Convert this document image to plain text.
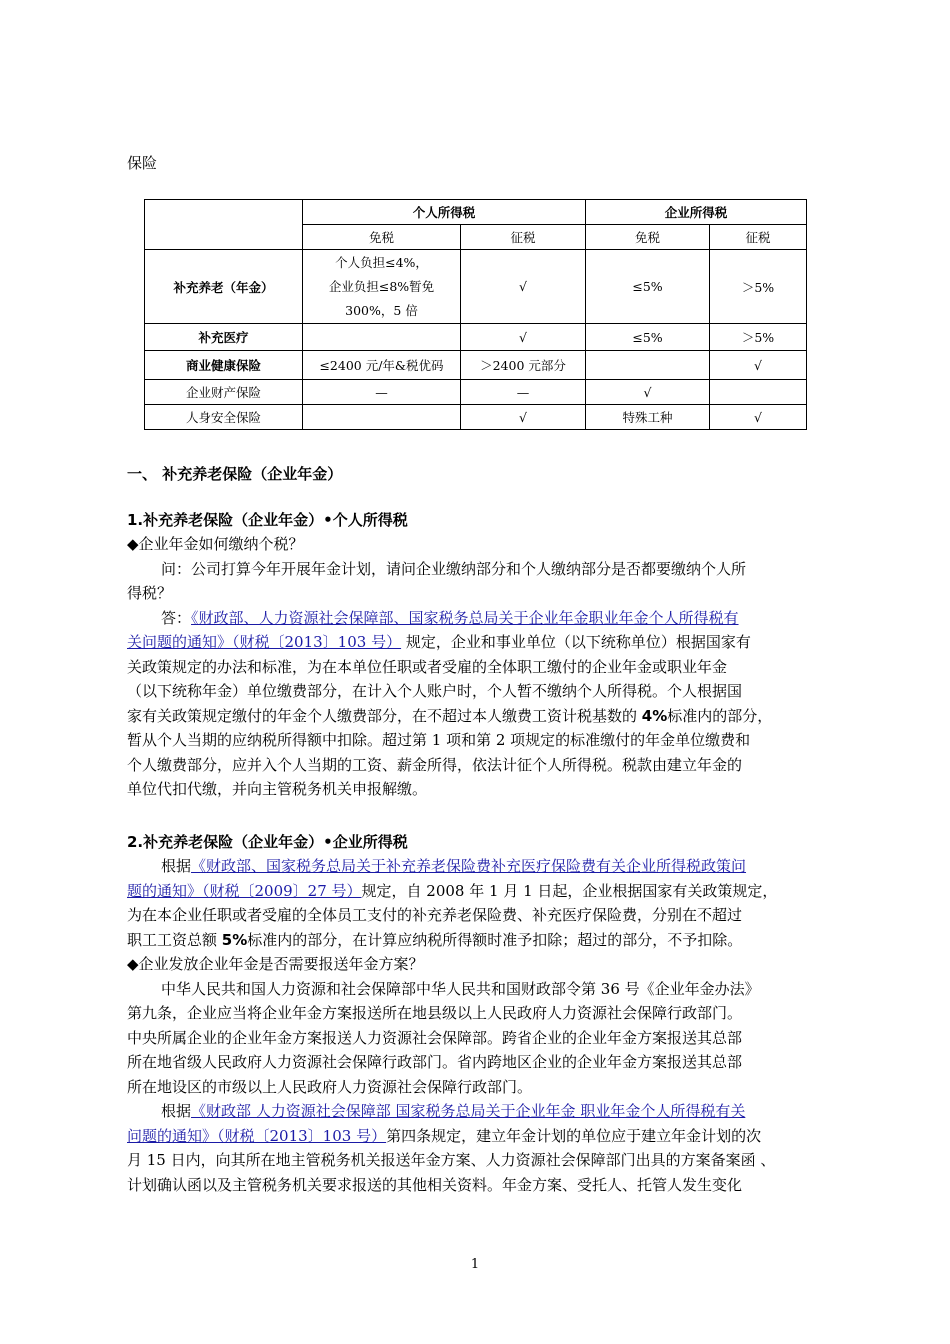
保险
	个人所得税		企业所得税	
	免税	征税	免税	征税
补充养老（年金）	个人负担≤4%，
企业负担≤8%暂免
300%，5 倍	√	≤5%	＞5%
补充医疗		√	≤5%	＞5%
商业健康保险	≤2400 元/年&税优码	＞2400 元部分		√
企业财产保险	—	—	√	
人身安全保险		√	特殊工种	√
一、 补充养老保险（企业年金）
1.补充养老保险（企业年金）•个人所得税
◆企业年金如何缴纳个税？
问：公司打算今年开展年金计划，请问企业缴纳部分和个人缴纳部分是否都要缴纳个人所
得税？
答：《财政部、人力资源社会保障部、国家税务总局关于企业年金职业年金个人所得税有
关问题的通知》（财税〔2013〕103 号） 规定，企业和事业单位（以下统称单位）根据国家有
关政策规定的办法和标准，为在本单位任职或者受雇的全体职工缴付的企业年金或职业年金
（以下统称年金）单位缴费部分，在计入个人账户时，个人暂不缴纳个人所得税。个人根据国
家有关政策规定缴付的年金个人缴费部分，在不超过本人缴费工资计税基数的 4%标准内的部分，
暂从个人当期的应纳税所得额中扣除。超过第 1 项和第 2 项规定的标准缴付的年金单位缴费和
个人缴费部分，应并入个人当期的工资、薪金所得，依法计征个人所得税。税款由建立年金的
单位代扣代缴，并向主管税务机关申报解缴。
2.补充养老保险（企业年金）•企业所得税
根据《财政部、国家税务总局关于补充养老保险费补充医疗保险费有关企业所得税政策问
题的通知》（财税〔2009〕27 号）规定，自 2008 年 1 月 1 日起，企业根据国家有关政策规定，
为在本企业任职或者受雇的全体员工支付的补充养老保险费、补充医疗保险费，分别在不超过
职工工资总额 5%标准内的部分，在计算应纳税所得额时准予扣除；超过的部分，不予扣除。
◆企业发放企业年金是否需要报送年金方案？
中华人民共和国人力资源和社会保障部中华人民共和国财政部令第 36 号《企业年金办法》
第九条，企业应当将企业年金方案报送所在地县级以上人民政府人力资源社会保障行政部门。
中央所属企业的企业年金方案报送人力资源社会保障部。跨省企业的企业年金方案报送其总部
所在地省级人民政府人力资源社会保障行政部门。省内跨地区企业的企业年金方案报送其总部
所在地设区的市级以上人民政府人力资源社会保障行政部门。
根据《财政部 人力资源社会保障部 国家税务总局关于企业年金 职业年金个人所得税有关
问题的通知》（财税〔2013〕103 号）第四条规定，建立年金计划的单位应于建立年金计划的次
月 15 日内，向其所在地主管税务机关报送年金方案、人力资源社会保障部门出具的方案备案函 、
计划确认函以及主管税务机关要求报送的其他相关资料。年金方案、受托人、托管人发生变化
1
